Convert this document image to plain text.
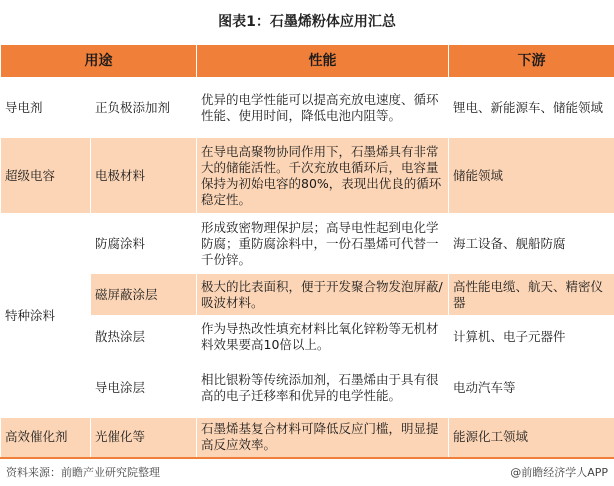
图表1：石墨烯粉体应用汇总
用途		性能	下游
导电剂	正负极添加剂	优异的电学性能可以提高充放电速度、循环性能、使用时间，降低电池内阻等。	锂电、新能源车、储能领域
超级电容	电极材料	在导电高聚物协同作用下，石墨烯具有非常大的储能活性。千次充放电循环后，电容量保持为初始电容的80%，表现出优良的循环稳定性。	储能领域
特种涂料	防腐涂料	形成致密物理保护层；高导电性起到电化学防腐；重防腐涂料中，一份石墨烯可代替一千份锌。	海工设备、舰船防腐
	磁屏蔽涂层	极大的比表面积，便于开发聚合物发泡屏蔽/吸波材料。	高性能电缆、航天、精密仪器
	散热涂层	作为导热改性填充材料比氧化锌粉等无机材料效果要高10倍以上。	计算机、电子元器件
	导电涂层	相比银粉等传统添加剂，石墨烯由于具有很高的电子迁移率和优异的电学性能。	电动汽车等
高效催化剂	光催化等	石墨烯基复合材料可降低反应门槛，明显提高反应效率。	能源化工领域
资料来源：前瞻产业研究院整理	@前瞻经济学人APP
